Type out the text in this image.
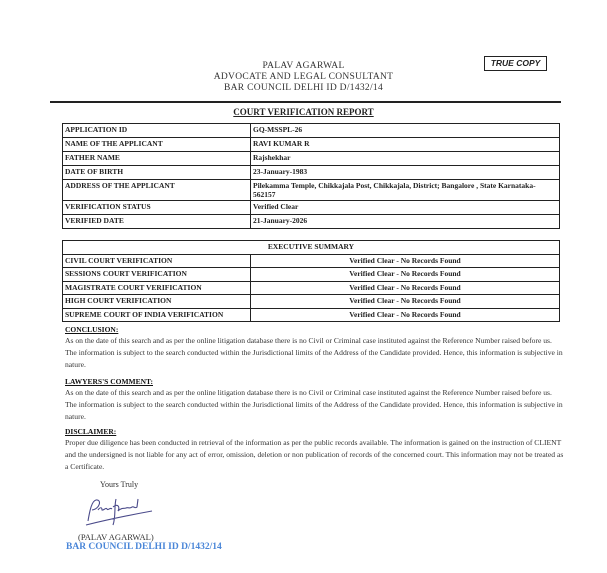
PALAV AGARWAL
ADVOCATE AND LEGAL CONSULTANT
BAR COUNCIL DELHI ID D/1432/14
TRUE COPY
COURT VERIFICATION REPORT
APPLICATION ID	GQ-MSSPL-26
NAME OF THE APPLICANT	RAVI KUMAR R
FATHER NAME	Rajshekhar
DATE OF BIRTH	23-January-1983
ADDRESS OF THE APPLICANT	Pilekamma Temple, Chikkajala Post, Chikkajala, District; Bangalore , State Karnataka-562157
VERIFICATION STATUS	Verified Clear
VERIFIED DATE	21-January-2026
EXECUTIVE SUMMARY	
CIVIL COURT VERIFICATION	Verified Clear - No Records Found
SESSIONS COURT VERIFICATION	Verified Clear - No Records Found
MAGISTRATE COURT VERIFICATION	Verified Clear - No Records Found
HIGH COURT VERIFICATION	Verified Clear - No Records Found
SUPREME COURT OF INDIA VERIFICATION	Verified Clear - No Records Found
CONCLUSION:
As on the date of this search and as per the online litigation database there is no Civil or Criminal case instituted against the Reference Number raised before us. The information is subject to the search conducted within the Jurisdictional limits of the Address of the Candidate provided. Hence, this information is subjective in nature.
LAWYERS'S COMMENT:
As on the date of this search and as per the online litigation database there is no Civil or Criminal case instituted against the Reference Number raised before us. The information is subject to the search conducted within the Jurisdictional limits of the Address of the Candidate provided. Hence, this information is subjective in nature.
DISCLAIMER:
Proper due diligence has been conducted in retrieval of the information as per the public records available. The information is gained on the instruction of CLIENT and the undersigned is not liable for any act of error, omission, deletion or non publication of records of the concerned court. This information may not be treated as a Certificate.
Yours Truly
(PALAV AGARWAL)
BAR COUNCIL DELHI ID D/1432/14
